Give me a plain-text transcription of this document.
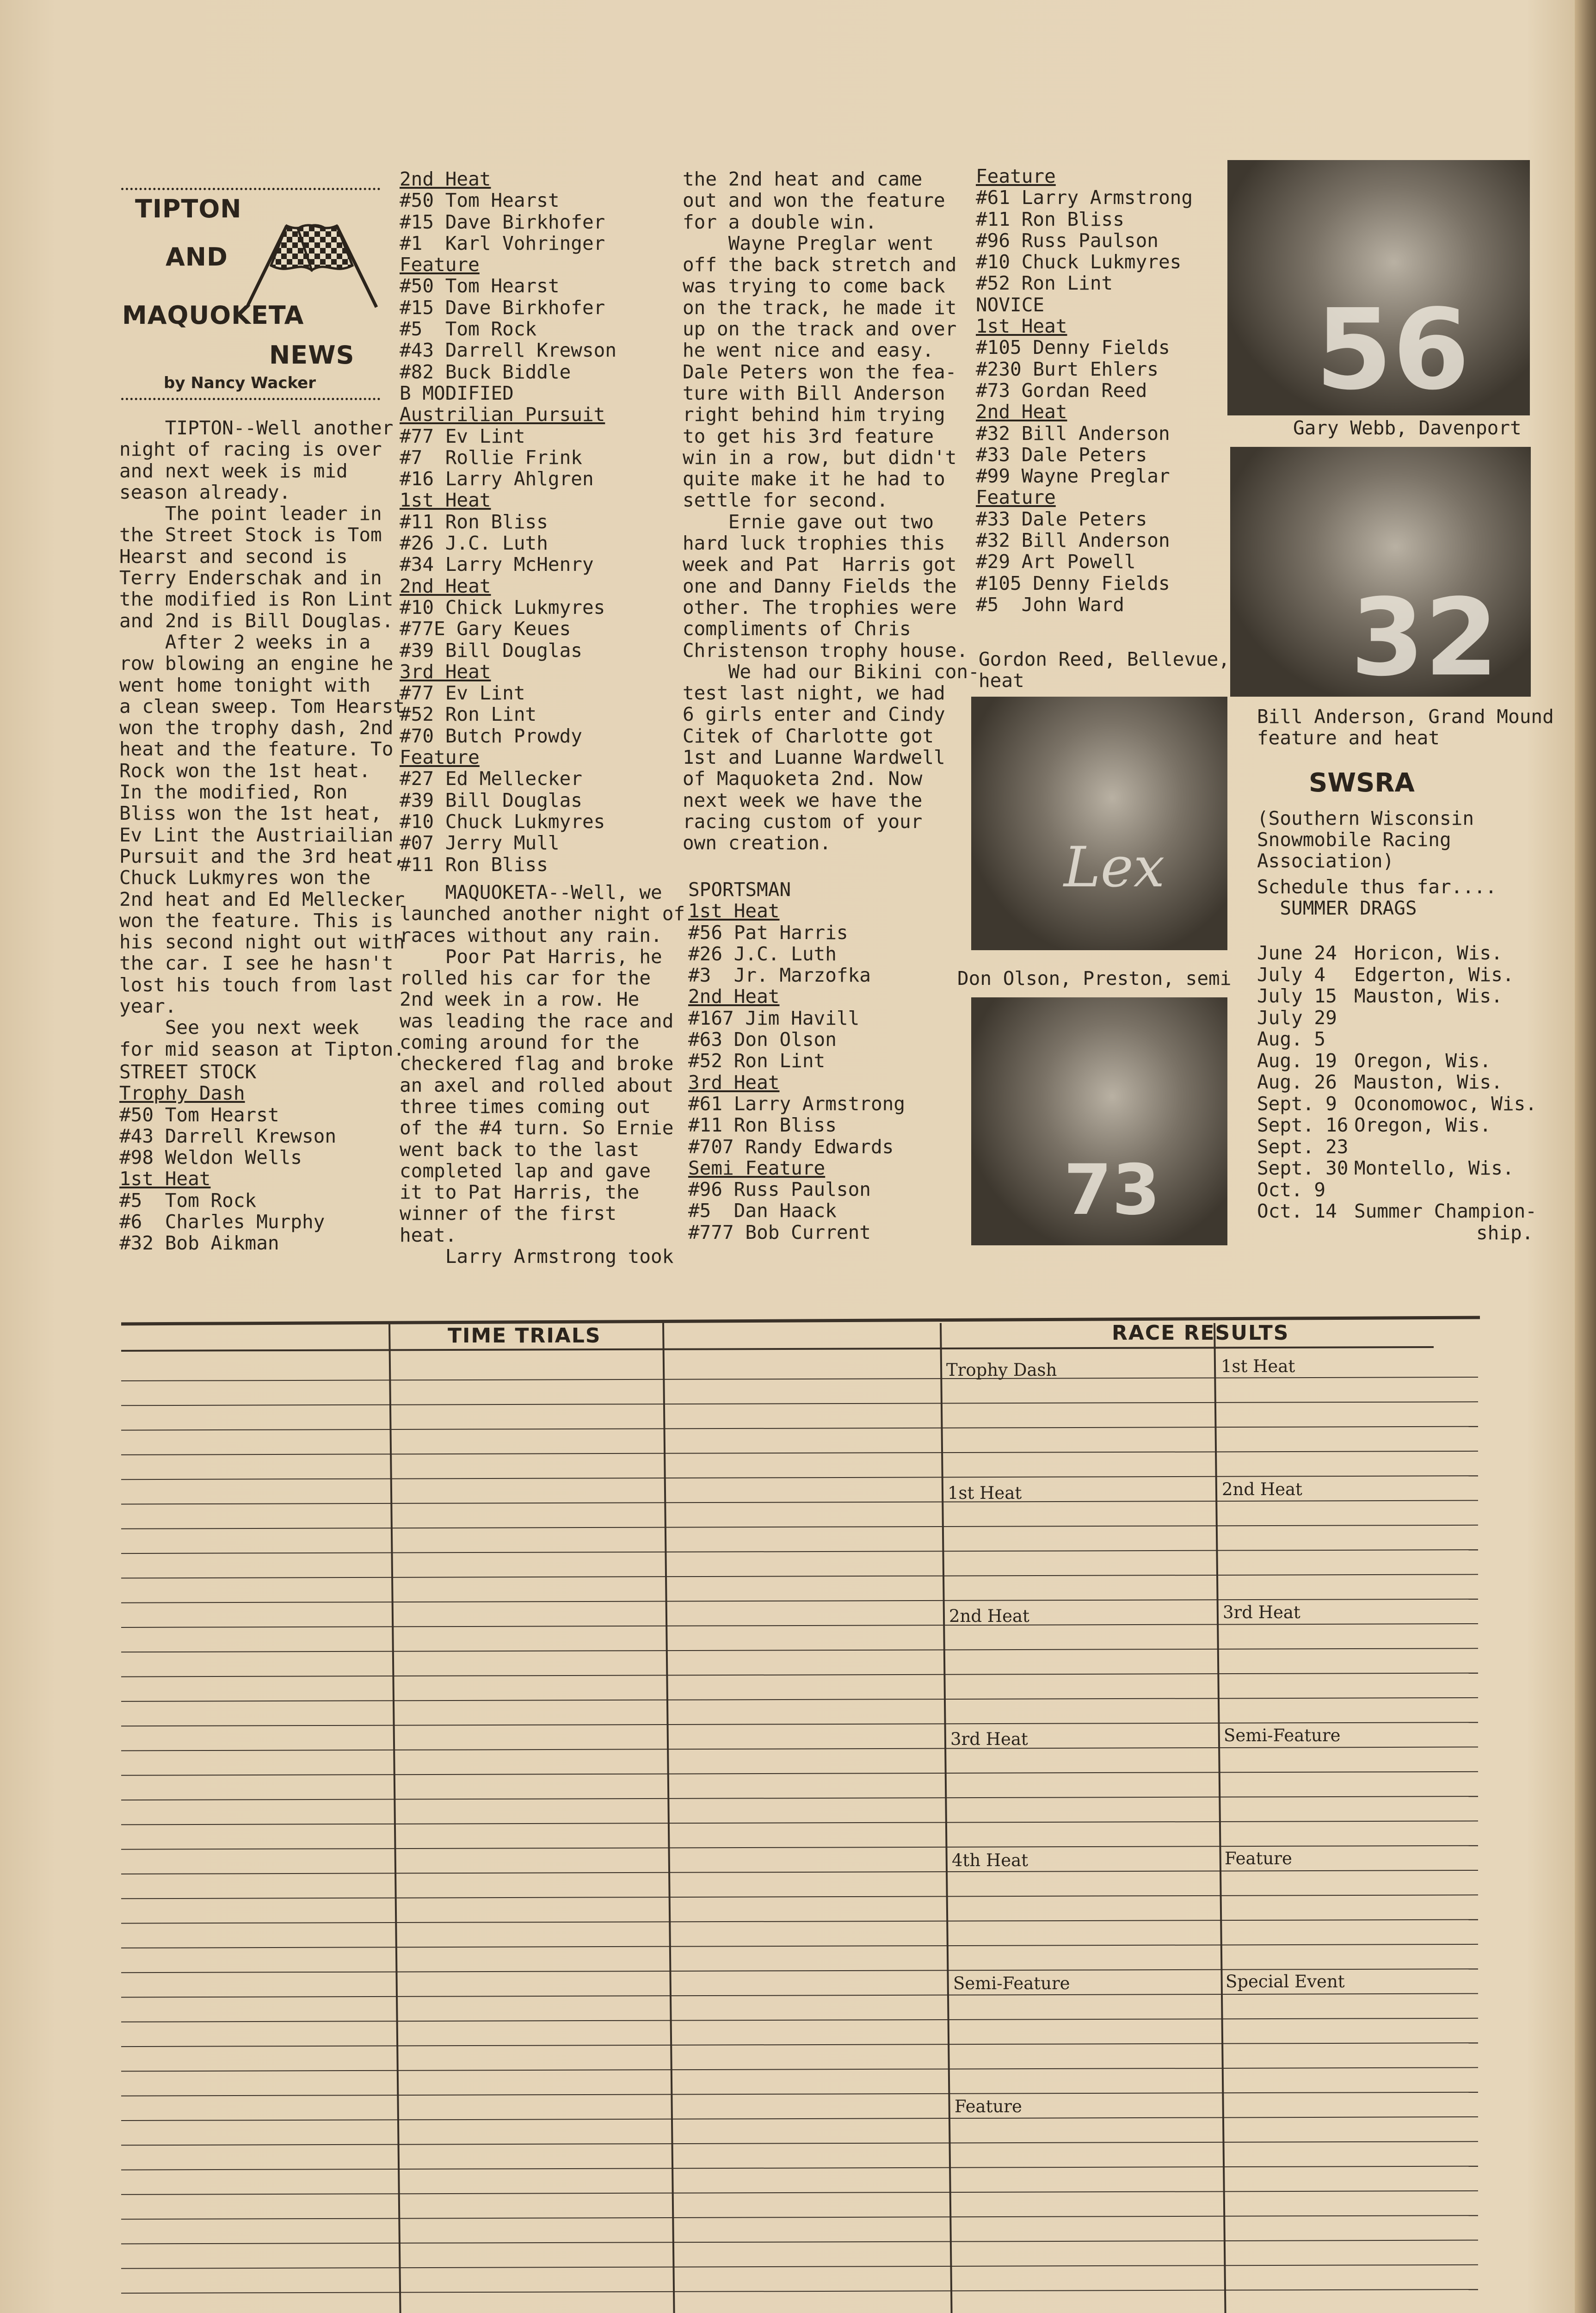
TIPTON
AND
MAQUOKETA
NEWS
by Nancy Wacker
TIPTON--Well another
night of racing is over
and next week is mid
season already.
The point leader in
the Street Stock is Tom
Hearst and second is
Terry Enderschak and in
the modified is Ron Lint
and 2nd is Bill Douglas.
After 2 weeks in a
row blowing an engine he
went home tonight with
a clean sweep. Tom Hearst
won the trophy dash, 2nd
heat and the feature. To
Rock won the 1st heat.
In the modified, Ron
Bliss won the 1st heat,
Ev Lint the Austriailian
Pursuit and the 3rd heat,
Chuck Lukmyres won the
2nd heat and Ed Mellecker
won the feature. This is
his second night out with
the car. I see he hasn't
lost his touch from last
year.
See you next week
for mid season at Tipton.
STREET STOCK
Trophy Dash
#50 Tom Hearst
#43 Darrell Krewson
#98 Weldon Wells
1st Heat
#5  Tom Rock
#6  Charles Murphy
#32 Bob Aikman
2nd Heat
#50 Tom Hearst
#15 Dave Birkhofer
#1  Karl Vohringer
Feature
#50 Tom Hearst
#15 Dave Birkhofer
#5  Tom Rock
#43 Darrell Krewson
#82 Buck Biddle
B MODIFIED
Austrilian Pursuit
#77 Ev Lint
#7  Rollie Frink
#16 Larry Ahlgren
1st Heat
#11 Ron Bliss
#26 J.C. Luth
#34 Larry McHenry
2nd Heat
#10 Chick Lukmyres
#77E Gary Keues
#39 Bill Douglas
3rd Heat
#77 Ev Lint
#52 Ron Lint
#70 Butch Prowdy
Feature
#27 Ed Mellecker
#39 Bill Douglas
#10 Chuck Lukmyres
#07 Jerry Mull
#11 Ron Bliss
MAQUOKETA--Well, we
launched another night of
races without any rain.
Poor Pat Harris, he
rolled his car for the
2nd week in a row. He
was leading the race and
coming around for the
checkered flag and broke
an axel and rolled about
three times coming out
of the #4 turn. So Ernie
went back to the last
completed lap and gave
it to Pat Harris, the
winner of the first
heat.
Larry Armstrong took
the 2nd heat and came
out and won the feature
for a double win.
Wayne Preglar went
off the back stretch and
was trying to come back
on the track, he made it
up on the track and over
he went nice and easy.
Dale Peters won the fea-
ture with Bill Anderson
right behind him trying
to get his 3rd feature
win in a row, but didn't
quite make it he had to
settle for second.
Ernie gave out two
hard luck trophies this
week and Pat  Harris got
one and Danny Fields the
other. The trophies were
compliments of Chris
Christenson trophy house.
We had our Bikini con-
test last night, we had
6 girls enter and Cindy
Citek of Charlotte got
1st and Luanne Wardwell
of Maquoketa 2nd. Now
next week we have the
racing custom of your
own creation.
SPORTSMAN
1st Heat
#56 Pat Harris
#26 J.C. Luth
#3  Jr. Marzofka
2nd Heat
#167 Jim Havill
#63 Don Olson
#52 Ron Lint
3rd Heat
#61 Larry Armstrong
#11 Ron Bliss
#707 Randy Edwards
Semi Feature
#96 Russ Paulson
#5  Dan Haack
#777 Bob Current
Feature
#61 Larry Armstrong
#11 Ron Bliss
#96 Russ Paulson
#10 Chuck Lukmyres
#52 Ron Lint
NOVICE
1st Heat
#105 Denny Fields
#230 Burt Ehlers
#73 Gordan Reed
2nd Heat
#32 Bill Anderson
#33 Dale Peters
#99 Wayne Preglar
Feature
#33 Dale Peters
#32 Bill Anderson
#29 Art Powell
#105 Denny Fields
#5  John Ward
Gordon Reed, Bellevue,
heat
Lex
Don Olson, Preston, semi
73
56
Gary Webb, Davenport
32
Bill Anderson, Grand Mound
feature and heat
SWSRA
(Southern Wisconsin
Snowmobile Racing
Association)
Schedule thus far....
SUMMER DRAGS
June 24 Horicon, Wis.
July 4 Edgerton, Wis.
July 15 Mauston, Wis.
July 29
Aug. 5
Aug. 19 Oregon, Wis.
Aug. 26 Mauston, Wis.
Sept. 9 Oconomowoc, Wis.
Sept. 16 Oregon, Wis.
Sept. 23
Sept. 30 Montello, Wis.
Oct. 9
Oct. 14 Summer Champion-
ship.
TIME TRIALS	RACE RESULTS
Trophy Dash
1st Heat
2nd Heat
3rd Heat
4th Heat
Semi-Feature
Feature
1st Heat
2nd Heat
3rd Heat
Semi-Feature
Feature
Special Event
